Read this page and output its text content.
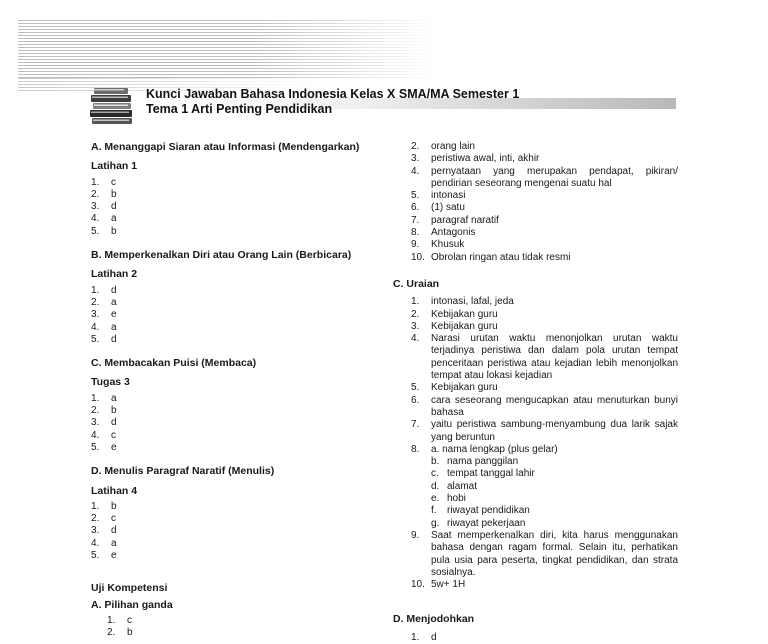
Kunci Jawaban Bahasa Indonesia Kelas X SMA/MA Semester 1
Tema 1 Arti Penting Pendidikan
A. Menanggapi Siaran atau Informasi (Mendengarkan)
Latihan 1
1.	c
2.	b
3.	d
4.	a
5.	b
B. Memperkenalkan Diri atau Orang Lain (Berbicara)
Latihan 2
1.	d
2.	a
3.	e
4.	a
5.	d
C. Membacakan Puisi (Membaca)
Tugas 3
1.	a
2.	b
3.	d
4.	c
5.	e
D. Menulis Paragraf Naratif (Menulis)
Latihan 4
1.	b
2.	c
3.	d
4.	a
5.	e
Uji Kompetensi
A. Pilihan ganda
1.	c
2.	b
2.	orang lain
3.	peristiwa awal, inti, akhir
4.	pernyataan yang merupakan pendapat, pikiran/ pendirian seseorang mengenai suatu hal
5.	intonasi
6.	(1) satu
7.	paragraf naratif
8.	Antagonis
9.	Khusuk
10. Obrolan ringan atau tidak resmi
C. Uraian
1.	intonasi, lafal, jeda
2.	Kebijakan guru
3.	Kebijakan guru
4.	Narasi urutan waktu menonjolkan urutan waktu terjadinya peristiwa dan dalam pola urutan tempat penceritaan peristiwa atau kejadian lebih menonjolkan tempat atau lokasi kejadian
5.	Kebijakan guru
6.	cara seseorang mengucapkan atau menuturkan bunyi bahasa
7.	yaitu peristiwa sambung-menyambung dua larik sajak yang beruntun
8.	a. nama lengkap (plus gelar)
b. nama panggilan
c. tempat tanggal lahir
d. alamat
e. hobi
f.	riwayat pendidikan
g. riwayat pekerjaan
9.	Saat memperkenalkan diri, kita harus menggunakan bahasa dengan ragam formal. Selain itu, perhatikan pula usia para peserta, tingkat pendidikan, dan strata sosialnya.
10. 5w+ 1H
D. Menjodohkan
1.	d
